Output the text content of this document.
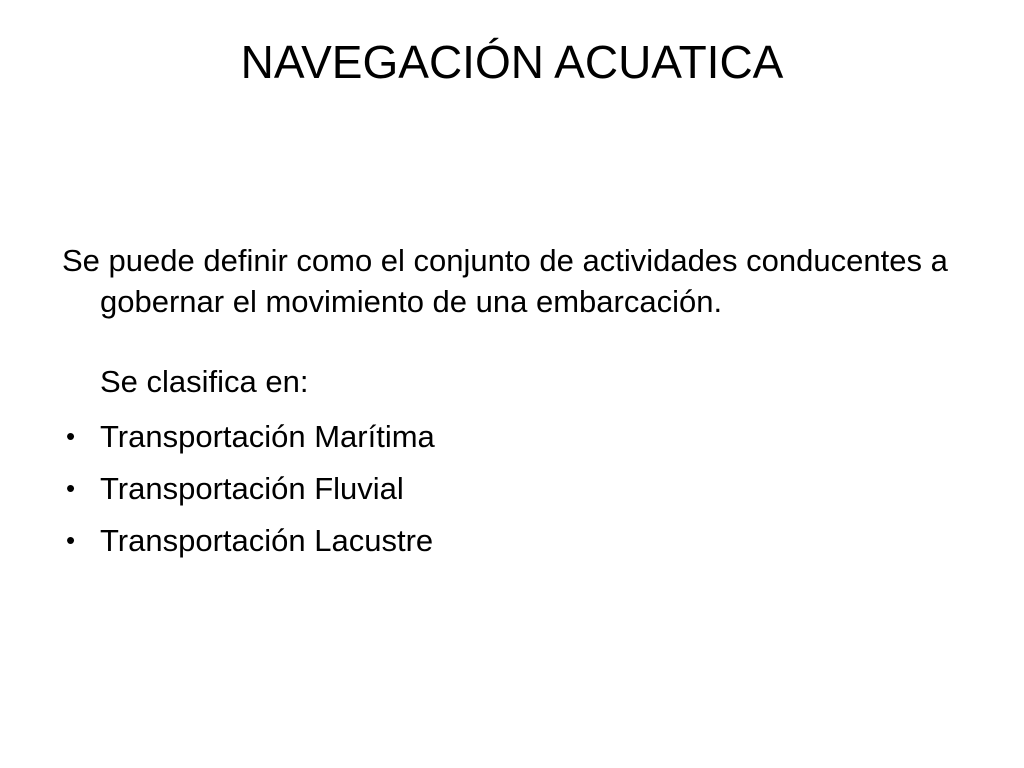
NAVEGACIÓN ACUATICA

Se puede definir como el conjunto de actividades conducentes a gobernar el movimiento de una embarcación.

Se clasifica en:

• Transportación Marítima
• Transportación Fluvial
• Transportación Lacustre
